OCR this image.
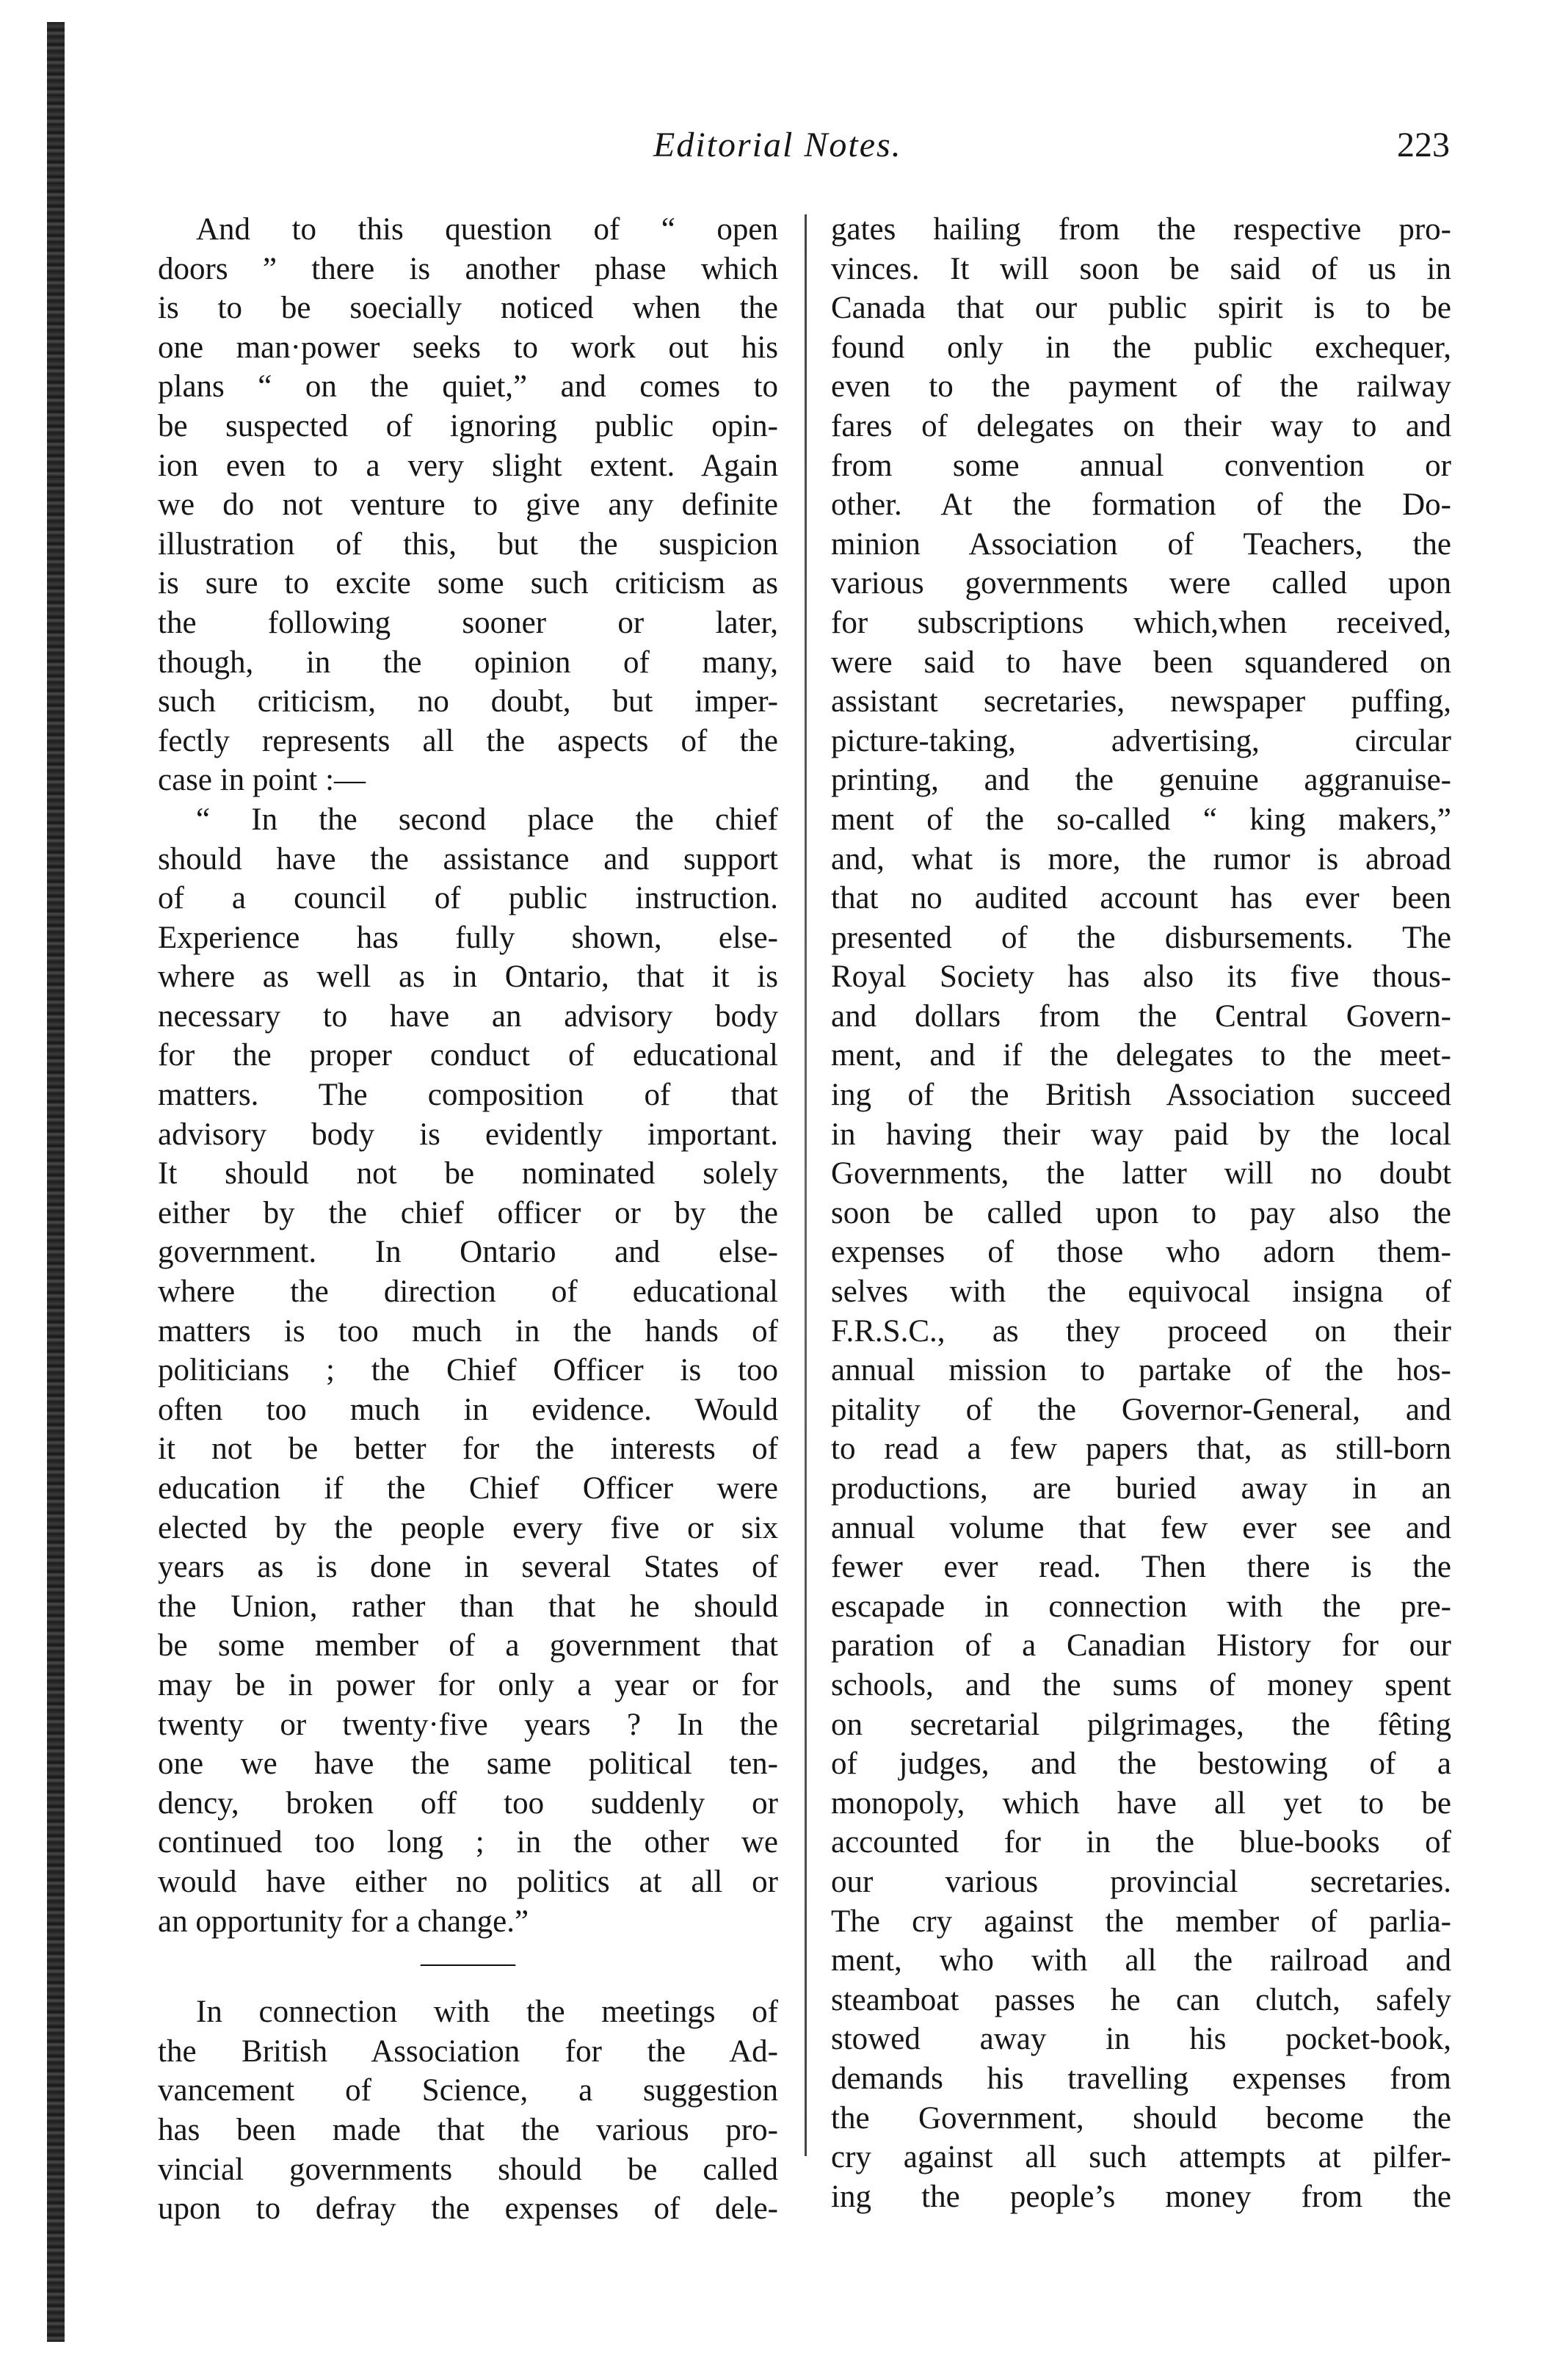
Editorial Notes.	223
And to this question of “ open
doors ” there is another phase which
is to be soecially noticed when the
one man·power seeks to work out his
plans “ on the quiet,” and comes to
be suspected of ignoring public opin-
ion even to a very slight extent. Again
we do not venture to give any definite
illustration of this, but the suspicion
is sure to excite some such criticism as
the following sooner or later,
though, in the opinion of many,
such criticism, no doubt, but imper-
fectly represents all the aspects of the
case in point :—
“ In the second place the chief
should have the assistance and support
of a council of public instruction.
Experience has fully shown, else-
where as well as in Ontario, that it is
necessary to have an advisory body
for the proper conduct of educational
matters. The composition of that
advisory body is evidently important.
It should not be nominated solely
either by the chief officer or by the
government. In Ontario and else-
where the direction of educational
matters is too much in the hands of
politicians ; the Chief Officer is too
often too much in evidence. Would
it not be better for the interests of
education if the Chief Officer were
elected by the people every five or six
years as is done in several States of
the Union, rather than that he should
be some member of a government that
may be in power for only a year or for
twenty or twenty·five years ? In the
one we have the same political ten-
dency, broken off too suddenly or
continued too long ; in the other we
would have either no politics at all or
an opportunity for a change.”
———
In connection with the meetings of
the British Association for the Ad-
vancement of Science, a suggestion
has been made that the various pro-
vincial governments should be called
upon to defray the expenses of dele-
gates hailing from the respective pro-
vinces. It will soon be said of us in
Canada that our public spirit is to be
found only in the public exchequer,
even to the payment of the railway
fares of delegates on their way to and
from some annual convention or
other. At the formation of the Do-
minion Association of Teachers, the
various governments were called upon
for subscriptions which,when received,
were said to have been squandered on
assistant secretaries, newspaper puffing,
picture-taking, advertising, circular
printing, and the genuine aggranuise-
ment of the so-called “ king makers,”
and, what is more, the rumor is abroad
that no audited account has ever been
presented of the disbursements. The
Royal Society has also its five thous-
and dollars from the Central Govern-
ment, and if the delegates to the meet-
ing of the British Association succeed
in having their way paid by the local
Governments, the latter will no doubt
soon be called upon to pay also the
expenses of those who adorn them-
selves with the equivocal insigna of
F.R.S.C., as they proceed on their
annual mission to partake of the hos-
pitality of the Governor-General, and
to read a few papers that, as still-born
productions, are buried away in an
annual volume that few ever see and
fewer ever read. Then there is the
escapade in connection with the pre-
paration of a Canadian History for our
schools, and the sums of money spent
on secretarial pilgrimages, the fêting
of judges, and the bestowing of a
monopoly, which have all yet to be
accounted for in the blue-books of
our various provincial secretaries.
The cry against the member of parlia-
ment, who with all the railroad and
steamboat passes he can clutch, safely
stowed away in his pocket-book,
demands his travelling expenses from
the Government, should become the
cry against all such attempts at pilfer-
ing the people’s money from the
